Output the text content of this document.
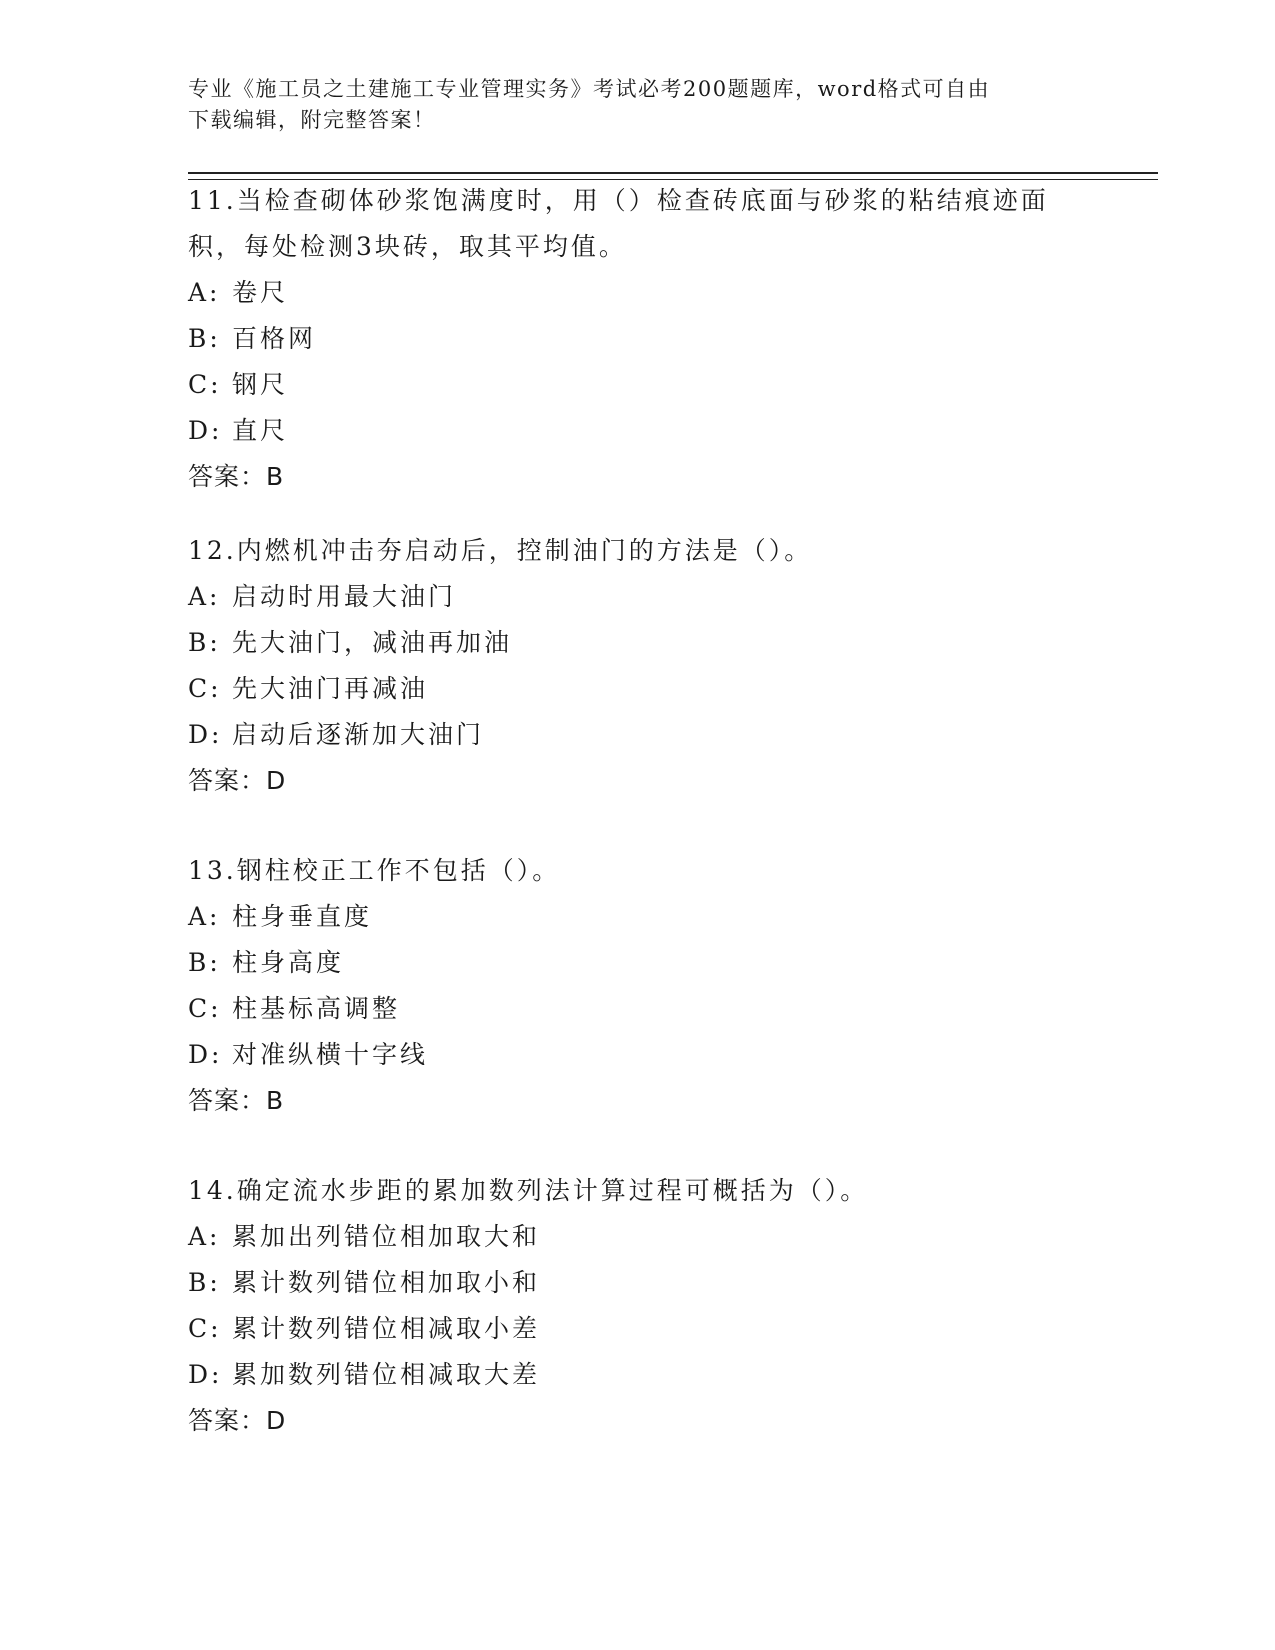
专业《施工员之土建施工专业管理实务》考试必考200题题库，word格式可自由
下载编辑，附完整答案！
11.当检查砌体砂浆饱满度时，用（）检查砖底面与砂浆的粘结痕迹面
积，每处检测3块砖，取其平均值。

A: 卷尺

B: 百格网

C: 钢尺

D: 直尺

答案：B

12.内燃机冲击夯启动后，控制油门的方法是（）。

A: 启动时用最大油门

B: 先大油门，减油再加油

C: 先大油门再减油

D: 启动后逐渐加大油门

答案：D

13.钢柱校正工作不包括（）。

A: 柱身垂直度

B: 柱身高度

C: 柱基标高调整

D: 对准纵横十字线

答案：B

14.确定流水步距的累加数列法计算过程可概括为（）。

A: 累加出列错位相加取大和

B: 累计数列错位相加取小和

C: 累计数列错位相减取小差

D: 累加数列错位相减取大差

答案：D
